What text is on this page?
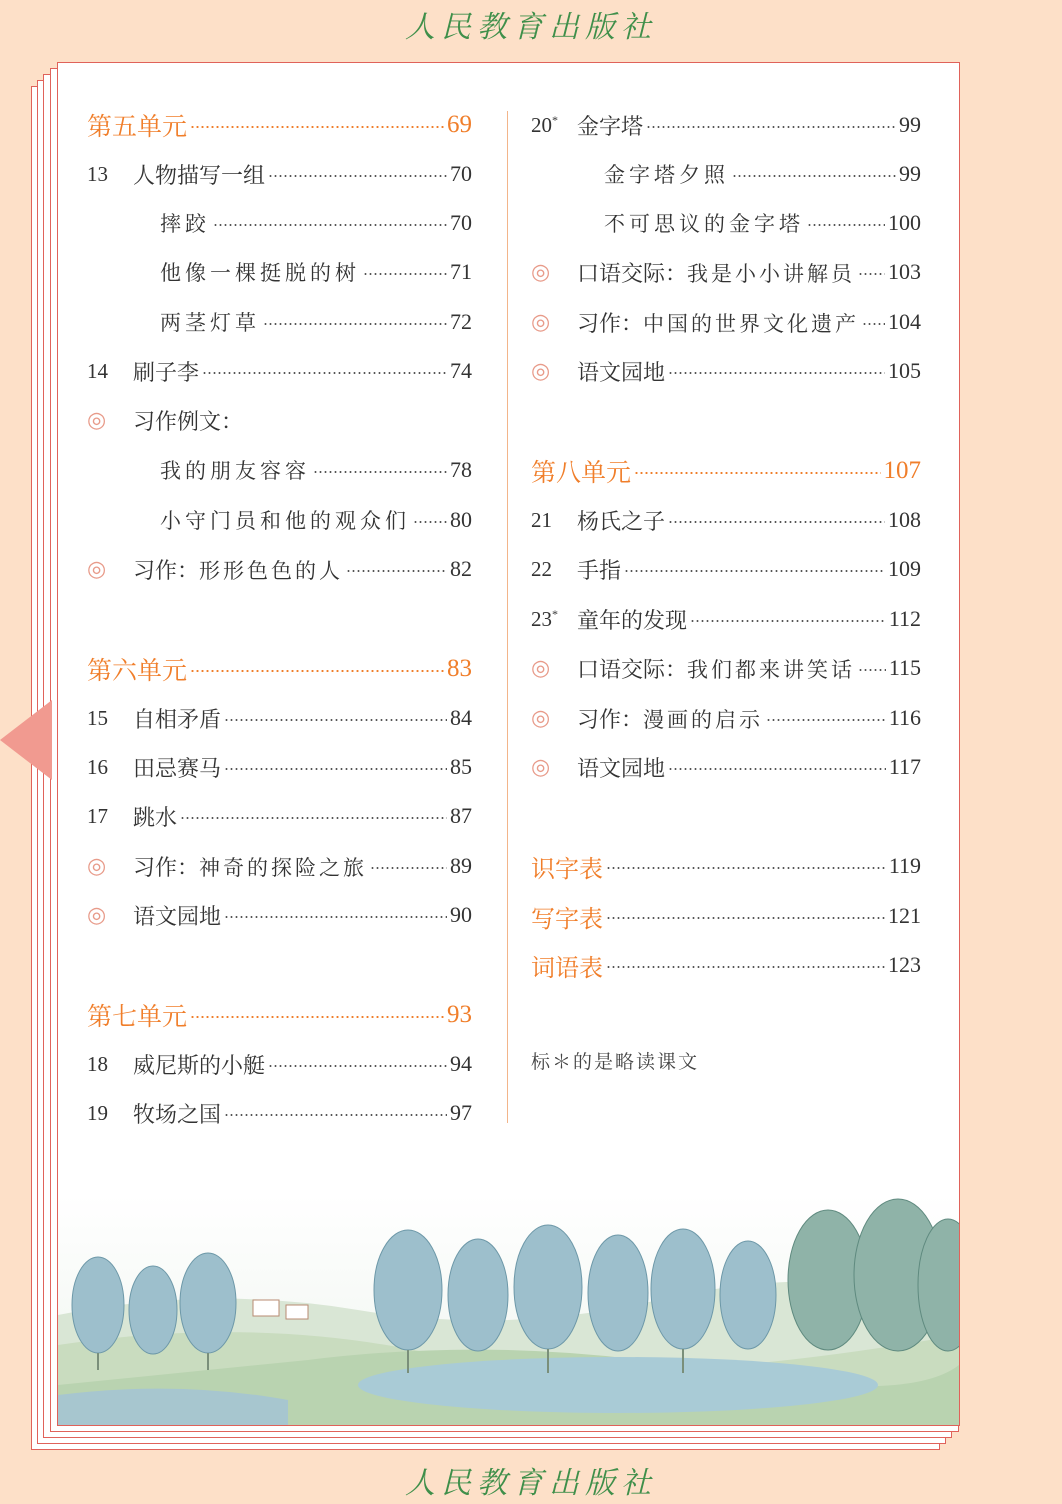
人民教育出版社
第五单元	69
13	人物描写一组	70
摔跤	70
他像一棵挺脱的树	71
两茎灯草	72
14	刷子李	74
◎	习作例文：
我的朋友容容	78
小守门员和他的观众们 80
◎	习作：形形色色的人	82
第六单元	83
15	自相矛盾	84
16	田忌赛马	85
17	跳水	87
◎	习作：神奇的探险之旅	89
◎	语文园地	90
第七单元	93
18	威尼斯的小艇	94
19	牧场之国	97
20* 金字塔	99
金字塔夕照	99
不可思议的金字塔	100
◎	口语交际：我是小小讲解员 103
◎	习作：中国的世界文化遗产 104
◎	语文园地	105
第八单元	107
21	杨氏之子	108
22	手指	109
23* 童年的发现	112
◎	口语交际：我们都来讲笑话 115
◎	习作：漫画的启示	116
◎	语文园地	117
识字表	119
写字表	121
词语表	123
标＊的是略读课文
人民教育出版社
